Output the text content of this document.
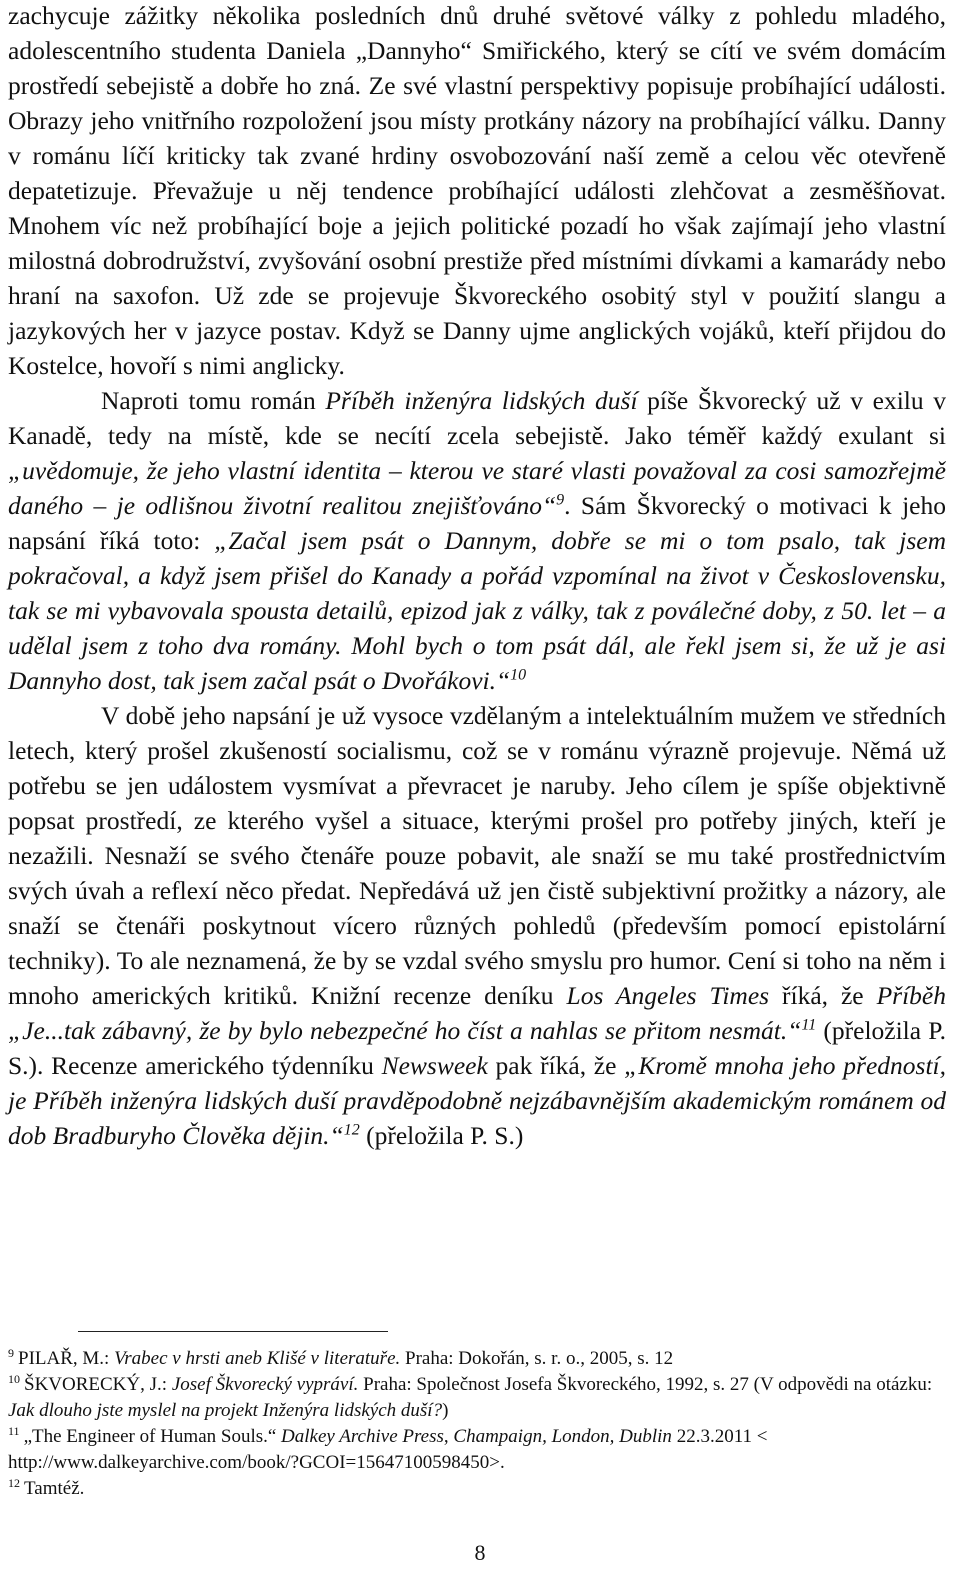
zachycuje zážitky několika posledních dnů druhé světové války z pohledu mladého, adolescentního studenta Daniela „Dannyho“ Smiřického, který se cítí ve svém domácím prostředí sebejistě a dobře ho zná. Ze své vlastní perspektivy popisuje probíhající události. Obrazy jeho vnitřního rozpoložení jsou místy protkány názory na probíhající válku. Danny v románu líčí kriticky tak zvané hrdiny osvobozování naší země a celou věc otevřeně depatetizuje. Převažuje u něj tendence probíhající události zlehčovat a zesměšňovat. Mnohem víc než probíhající boje a jejich politické pozadí ho však zajímají jeho vlastní milostná dobrodružství, zvyšování osobní prestiže před místními dívkami a kamarády nebo hraní na saxofon. Už zde se projevuje Škvoreckého osobitý styl v použití slangu a jazykových her v jazyce postav. Když se Danny ujme anglických vojáků, kteří přijdou do Kostelce, hovoří s nimi anglicky.

Naproti tomu román Příběh inženýra lidských duší píše Škvorecký už v exilu v Kanadě, tedy na místě, kde se necítí zcela sebejistě. Jako téměř každý exulant si „uvědomuje, že jeho vlastní identita – kterou ve staré vlasti považoval za cosi samozřejmě daného – je odlišnou životní realitou znejišťováno“$^9$. Sám Škvorecký o motivaci k jeho napsání říká toto: „Začal jsem psát o Dannym, dobře se mi o tom psalo, tak jsem pokračoval, a když jsem přišel do Kanady a pořád vzpomínal na život v Československu, tak se mi vybavovala spousta detailů, epizod jak z války, tak z poválečné doby, z 50. let – a udělal jsem z toho dva romány. Mohl bych o tom psát dál, ale řekl jsem si, že už je asi Dannyho dost, tak jsem začal psát o Dvořákovi.“$^{10}$

V době jeho napsání je už vysoce vzdělaným a intelektuálním mužem ve středních letech, který prošel zkušeností socialismu, což se v románu výrazně projevuje. Němá už potřebu se jen událostem vysmívat a převracet je naruby. Jeho cílem je spíše objektivně popsat prostředí, ze kterého vyšel a situace, kterými prošel pro potřeby jiných, kteří je nezažili. Nesnaží se svého čtenáře pouze pobavit, ale snaží se mu také prostřednictvím svých úvah a reflexí něco předat. Nepředává už jen čistě subjektivní prožitky a názory, ale snaží se čtenáři poskytnout vícero různých pohledů (především pomocí epistolární techniky). To ale neznamená, že by se vzdal svého smyslu pro humor. Cení si toho na něm i mnoho amerických kritiků. Knižní recenze deníku Los Angeles Times říká, že Příběh „Je...tak zábavný, že by bylo nebezpečné ho číst a nahlas se přitom nesmát.“$^{11}$ (přeložila P. S.). Recenze amerického týdenníku Newsweek pak říká, že „Kromě mnoha jeho předností, je Příběh inženýra lidských duší pravděpodobně nejzábavnějším akademickým románem od dob Bradburyho Člověka dějin.“$^{12}$ (přeložila P. S.)

$^9$ PILAŘ, M.: Vrabec v hrsti aneb Klišé v literatuře. Praha: Dokořán, s. r. o., 2005, s. 12

$^{10}$ ŠKVORECKÝ, J.: Josef Škvorecký vypráví. Praha: Společnost Josefa Škvoreckého, 1992, s. 27 (V odpovědi na otázku: Jak dlouho jste myslel na projekt Inženýra lidských duší?)

$^{11}$ „The Engineer of Human Souls.“ Dalkey Archive Press, Champaign, London, Dublin 22.3.2011 < http://www.dalkeyarchive.com/book/?GCOI=15647100598450>.

$^{12}$ Tamtéž.

8
